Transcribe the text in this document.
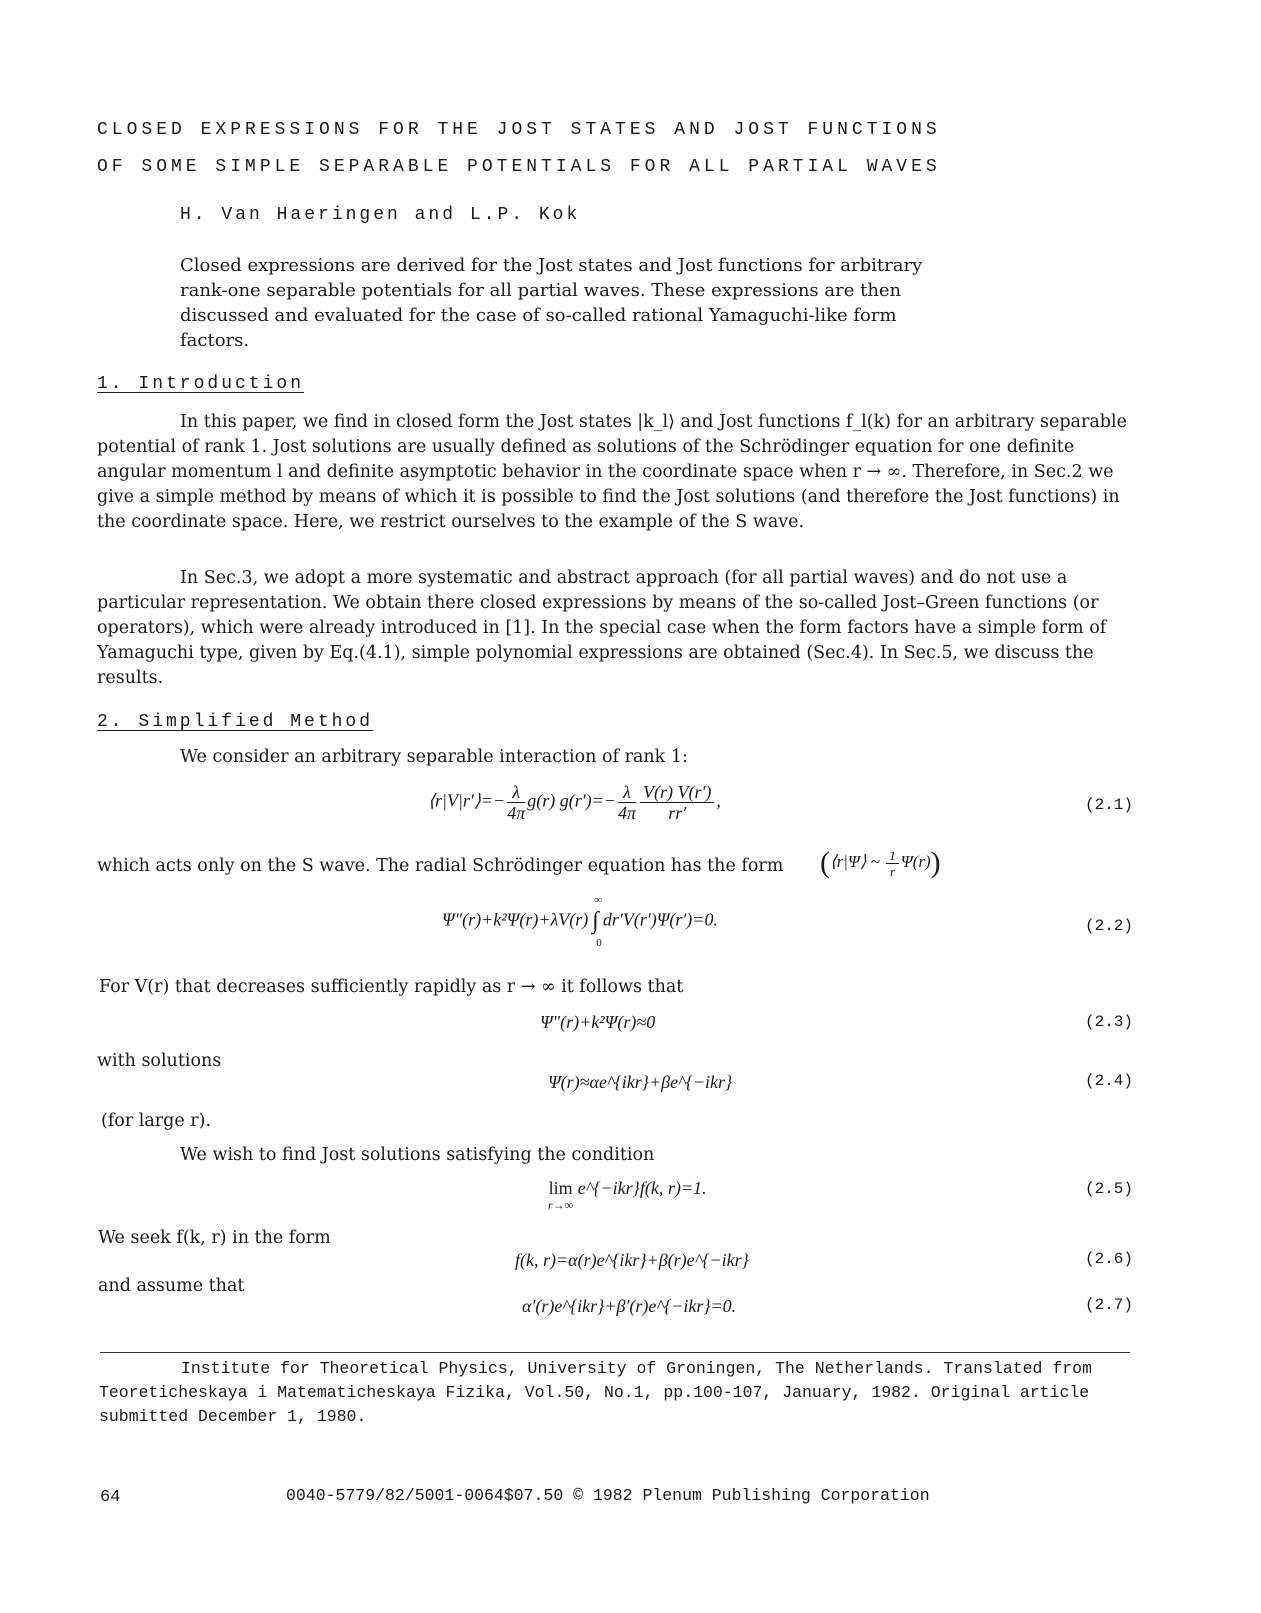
CLOSED EXPRESSIONS FOR THE JOST STATES AND JOST FUNCTIONS
OF SOME SIMPLE SEPARABLE POTENTIALS FOR ALL PARTIAL WAVES
H. Van Haeringen and L.P. Kok
Closed expressions are derived for the Jost states and Jost functions for arbitrary rank-one separable potentials for all partial waves. These expressions are then discussed and evaluated for the case of so-called rational Yamaguchi-like form factors.
1. Introduction
In this paper, we find in closed form the Jost states |k_l⟩ and Jost functions f_l(k) for an arbitrary separable potential of rank 1. Jost solutions are usually defined as solutions of the Schrödinger equation for one definite angular momentum l and definite asymptotic behavior in the coordinate space when r → ∞. Therefore, in Sec.2 we give a simple method by means of which it is possible to find the Jost solutions (and therefore the Jost functions) in the coordinate space. Here, we restrict ourselves to the example of the S wave.
In Sec.3, we adopt a more systematic and abstract approach (for all partial waves) and do not use a particular representation. We obtain there closed expressions by means of the so-called Jost–Green functions (or operators), which were already introduced in [1]. In the special case when the form factors have a simple form of Yamaguchi type, given by Eq.(4.1), simple polynomial expressions are obtained (Sec.4). In Sec.5, we discuss the results.
2. Simplified Method
We consider an arbitrary separable interaction of rank 1:
⟨r|V|r′⟩=− $\frac{\lambda}{4\pi} g(r)$ $g(r')=- \frac{\lambda}{4\pi} \frac{V(r) V(r')}{rr'}$ ,	(2.1)
which acts only on the S wave. The radial Schrödinger equation has the form (⟨r|Ψ⟩ ~ $\frac{1}{r} \Psi(r)$)
Ψ″(r)+k²Ψ(r)+λV(r) ∫
∞
0
dr′V(r′)Ψ(r′)=0.	(2.2)
For V(r) that decreases sufficiently rapidly as r → ∞ it follows that
Ψ″(r)+k²Ψ(r)≈0	(2.3)
with solutions
Ψ(r)≈αe^{ikr}+βe^{−ikr}	(2.4)
(for large r).
We wish to find Jost solutions satisfying the condition
lim
r→∞
e^{−ikr}f(k, r)=1.	(2.5)
We seek f(k, r) in the form
f(k, r)=α(r)e^{ikr}+β(r)e^{−ikr}	(2.6)
and assume that
α′(r)e^{ikr}+β′(r)e^{−ikr}=0.	(2.7)
Institute for Theoretical Physics, University of Groningen, The Netherlands. Translated from Teoreticheskaya i Matematicheskaya Fizika, Vol.50, No.1, pp.100-107, January, 1982. Original article submitted December 1, 1980.
64	0040-5779/82/5001-0064$07.50 © 1982 Plenum Publishing Corporation
